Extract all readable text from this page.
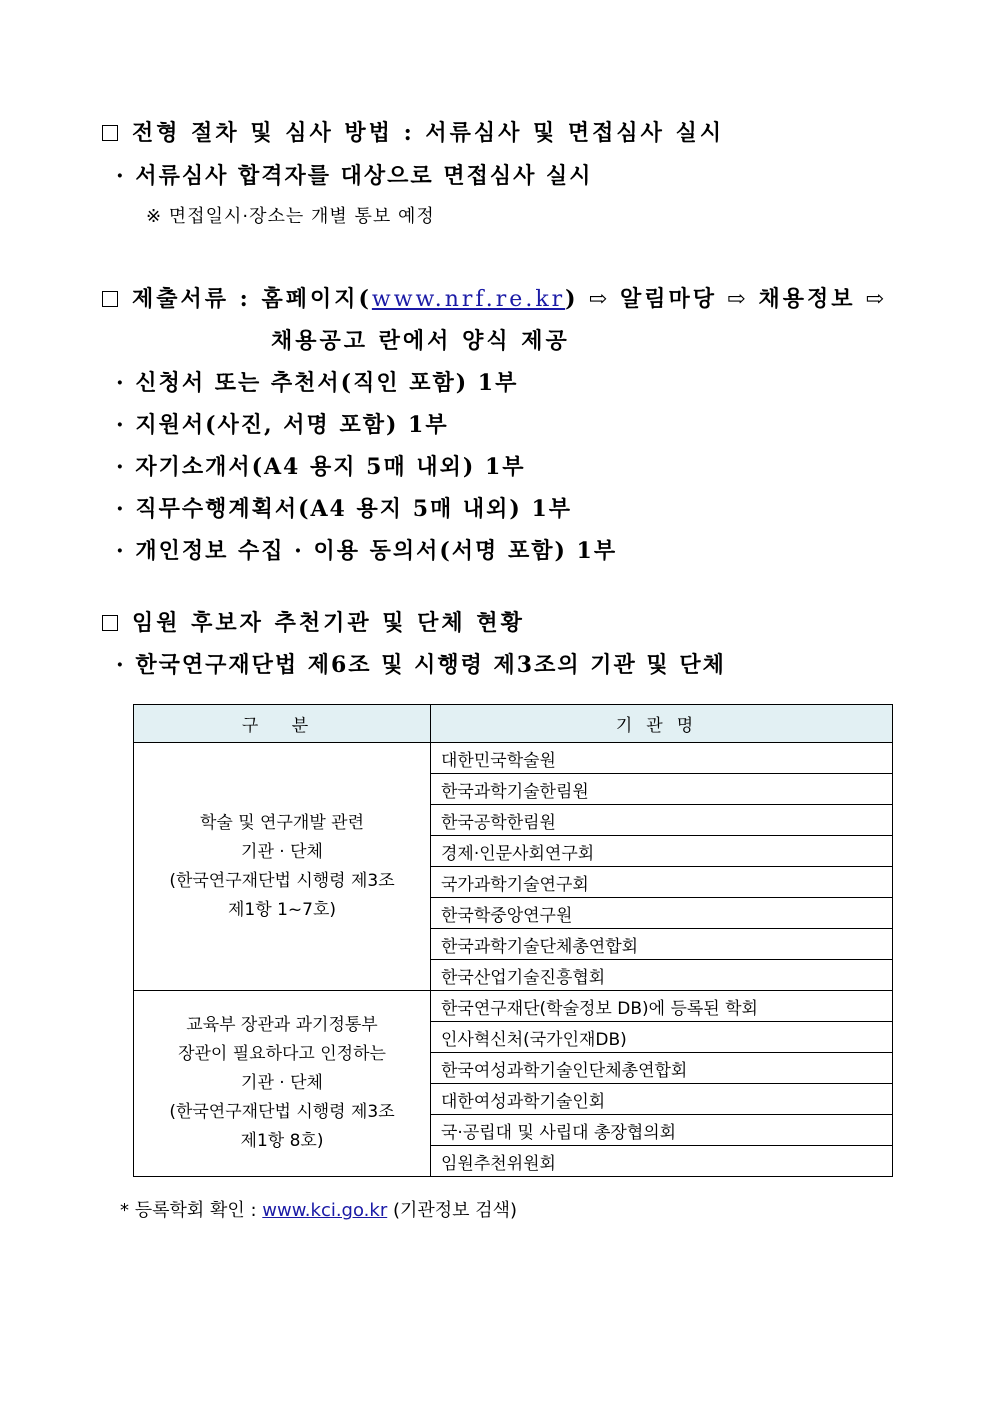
전형 절차 및 심사 방법 : 서류심사 및 면접심사 실시
· 서류심사 합격자를 대상으로 면접심사 실시
※ 면접일시·장소는 개별 통보 예정
제출서류 : 홈페이지(www.nrf.re.kr) ⇨ 알림마당 ⇨ 채용정보 ⇨
채용공고 란에서 양식 제공
· 신청서 또는 추천서(직인 포함) 1부
· 지원서(사진, 서명 포함) 1부
· 자기소개서(A4 용지 5매 내외) 1부
· 직무수행계획서(A4 용지 5매 내외) 1부
· 개인정보 수집 · 이용 동의서(서명 포함) 1부
임원 후보자 추천기관 및 단체 현황
· 한국연구재단법 제6조 및 시행령 제3조의 기관 및 단체
구 분	기관명

학술 및 연구개발 관련
기관 · 단체
(한국연구재단법 시행령 제3조
제1항 1~7호)	대한민국학술원
	한국과학기술한림원
	한국공학한림원
	경제·인문사회연구회
	국가과학기술연구회
	한국학중앙연구원
	한국과학기술단체총연합회
	한국산업기술진흥협회

교육부 장관과 과기정통부
장관이 필요하다고 인정하는
기관 · 단체
(한국연구재단법 시행령 제3조
제1항 8호)	한국연구재단(학술정보 DB)에 등록된 학회
	인사혁신처(국가인재DB)
	한국여성과학기술인단체총연합회
	대한여성과학기술인회
	국·공립대 및 사립대 총장협의회
	임원추천위원회
* 등록학회 확인 : www.kci.go.kr (기관정보 검색)
